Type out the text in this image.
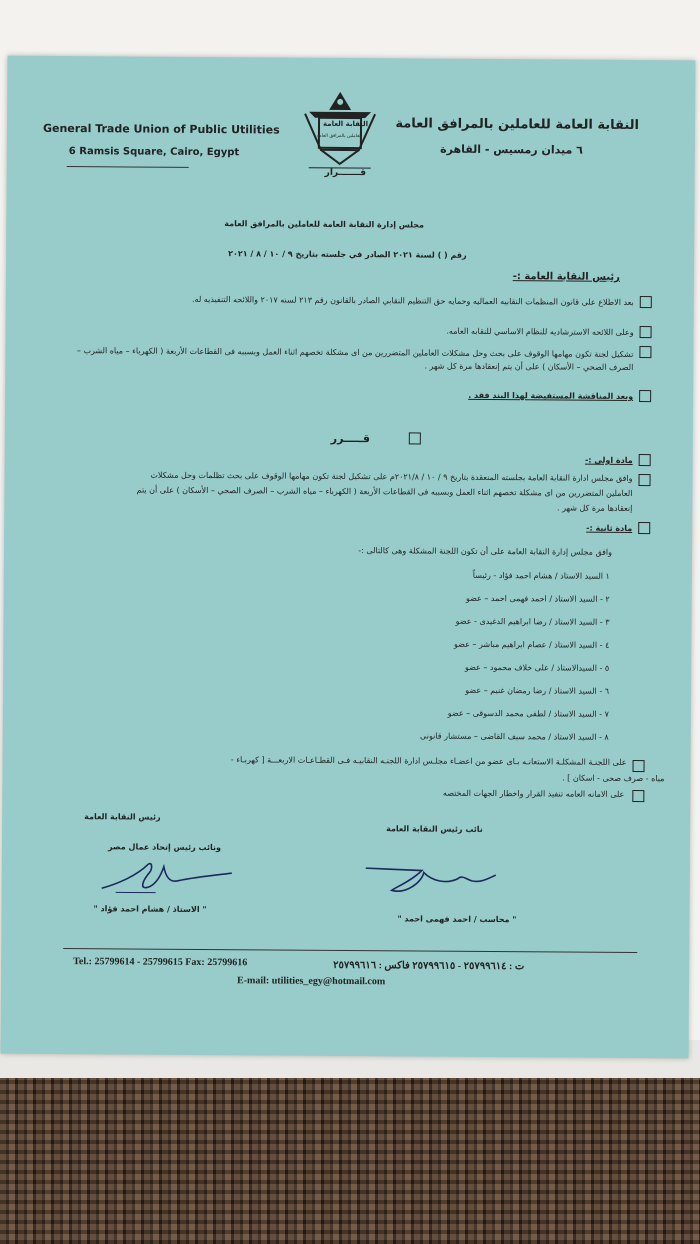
General Trade Union of Public Utilities
6 Ramsis Square, Cairo, Egypt
النقابة العامة للعاملين بالمرافق العامة
٦ ميدان رمسيس - القاهرة
النقابة العامة
للعاملين بالمرافق العامة
قـــــــرار
مجلس إدارة النقابة العامة للعاملين بالمرافق العامة
رقم ( ) لسنة ٢٠٢١ الصادر في جلسته بتاريخ ٩ / ١٠ / ٨ / ٢٠٢١
رئيس النقابة العامة :-
بعد الاطلاع على قانون المنظمات النقابيه العماليه وحمايه حق التنظيم النقابي الصادر بالقانون رقم ٢١٣ لسنه ٢٠١٧ واللائحه التنفيذيه له.
وعلى اللائحه الاسترشاديه للنظام الاساسي للنقابه العامه.
تشكيل لجنة تكون مهامها الوقوف على بحث وحل مشكلات العاملين المتضررين من اى مشكلة تخصهم اثناء العمل وبسببه فى القطاعات الأربعة ( الكهرباء – مياه الشرب – الصرف الصحي – الأسكان ) على أن يتم إنعقادها مرة كل شهر .
وبعد المناقشة المستفيضة لهذا البند فقد .
قـــــرر
مادة اولى :-
وافق مجلس ادارة النقابة العامة بجلسته المنعقدة بتاريخ ٩ / ١٠ / ٢٠٢١/٨م على تشكيل لجنة تكون مهامها الوقوف على بحث تظلمات وحل مشكلات
العاملين المتضررين من اى مشكلة تخصهم اثناء العمل وبسببه فى القطاعات الأربعة ( الكهرباء – مياه الشرب – الصرف الصحي – الأسكان ) على أن يتم
إنعقادها مرة كل شهر .
مادة ثانية :-
وافق مجلس إدارة النقابة العامة على أن تكون اللجنة المشكلة وهى كالتالى :-
١ السيد الاستاذ / هشام احمد فؤاد - رئيساً
٢ - السيد الاستاذ / احمد فهمى احمد – عضو
٣ - السيد الاستاذ / رضا ابراهيم الدغيدى - عضو
٤ - السيد الاستاذ / عصام ابراهيم مباشر – عضو
٥ - السيدالاستاذ / على خلاف محمود – عضو
٦ - السيد الاستاذ / رضا رمضان غنيم – عضو
٧ - السيد الاستاذ / لطفى محمد الدسوقى – عضو
٨ - السيد الاستاذ / محمد سيف القاضى – مستشار قانونى
على اللجنـة المشكلـة الاستعانـه بـاى عضو من اعضـاء مجلـس ادارة اللجنـه النقابيـه فـى القطـاعـات الاربعـــة [ كهربـاء -
مياه - صرف صحى - اسكان ] .
على الامانه العامه تنفيذ القرار واخطار الجهات المختصه
رئيس النقابة العامة
ونائب رئيس إتحاد عمال مصر
نائب رئيس النقابة العامة
" الاستاذ / هشام احمد فؤاد "
" محاسب / احمد فهمى احمد "
Tel.: 25799614 - 25799615 Fax: 25799616	ت : ٢٥٧٩٩٦١٤ - ٢٥٧٩٩٦١٥ فاكس : ٢٥٧٩٩٦١٦
E-mail: utilities_egy@hotmail.com
